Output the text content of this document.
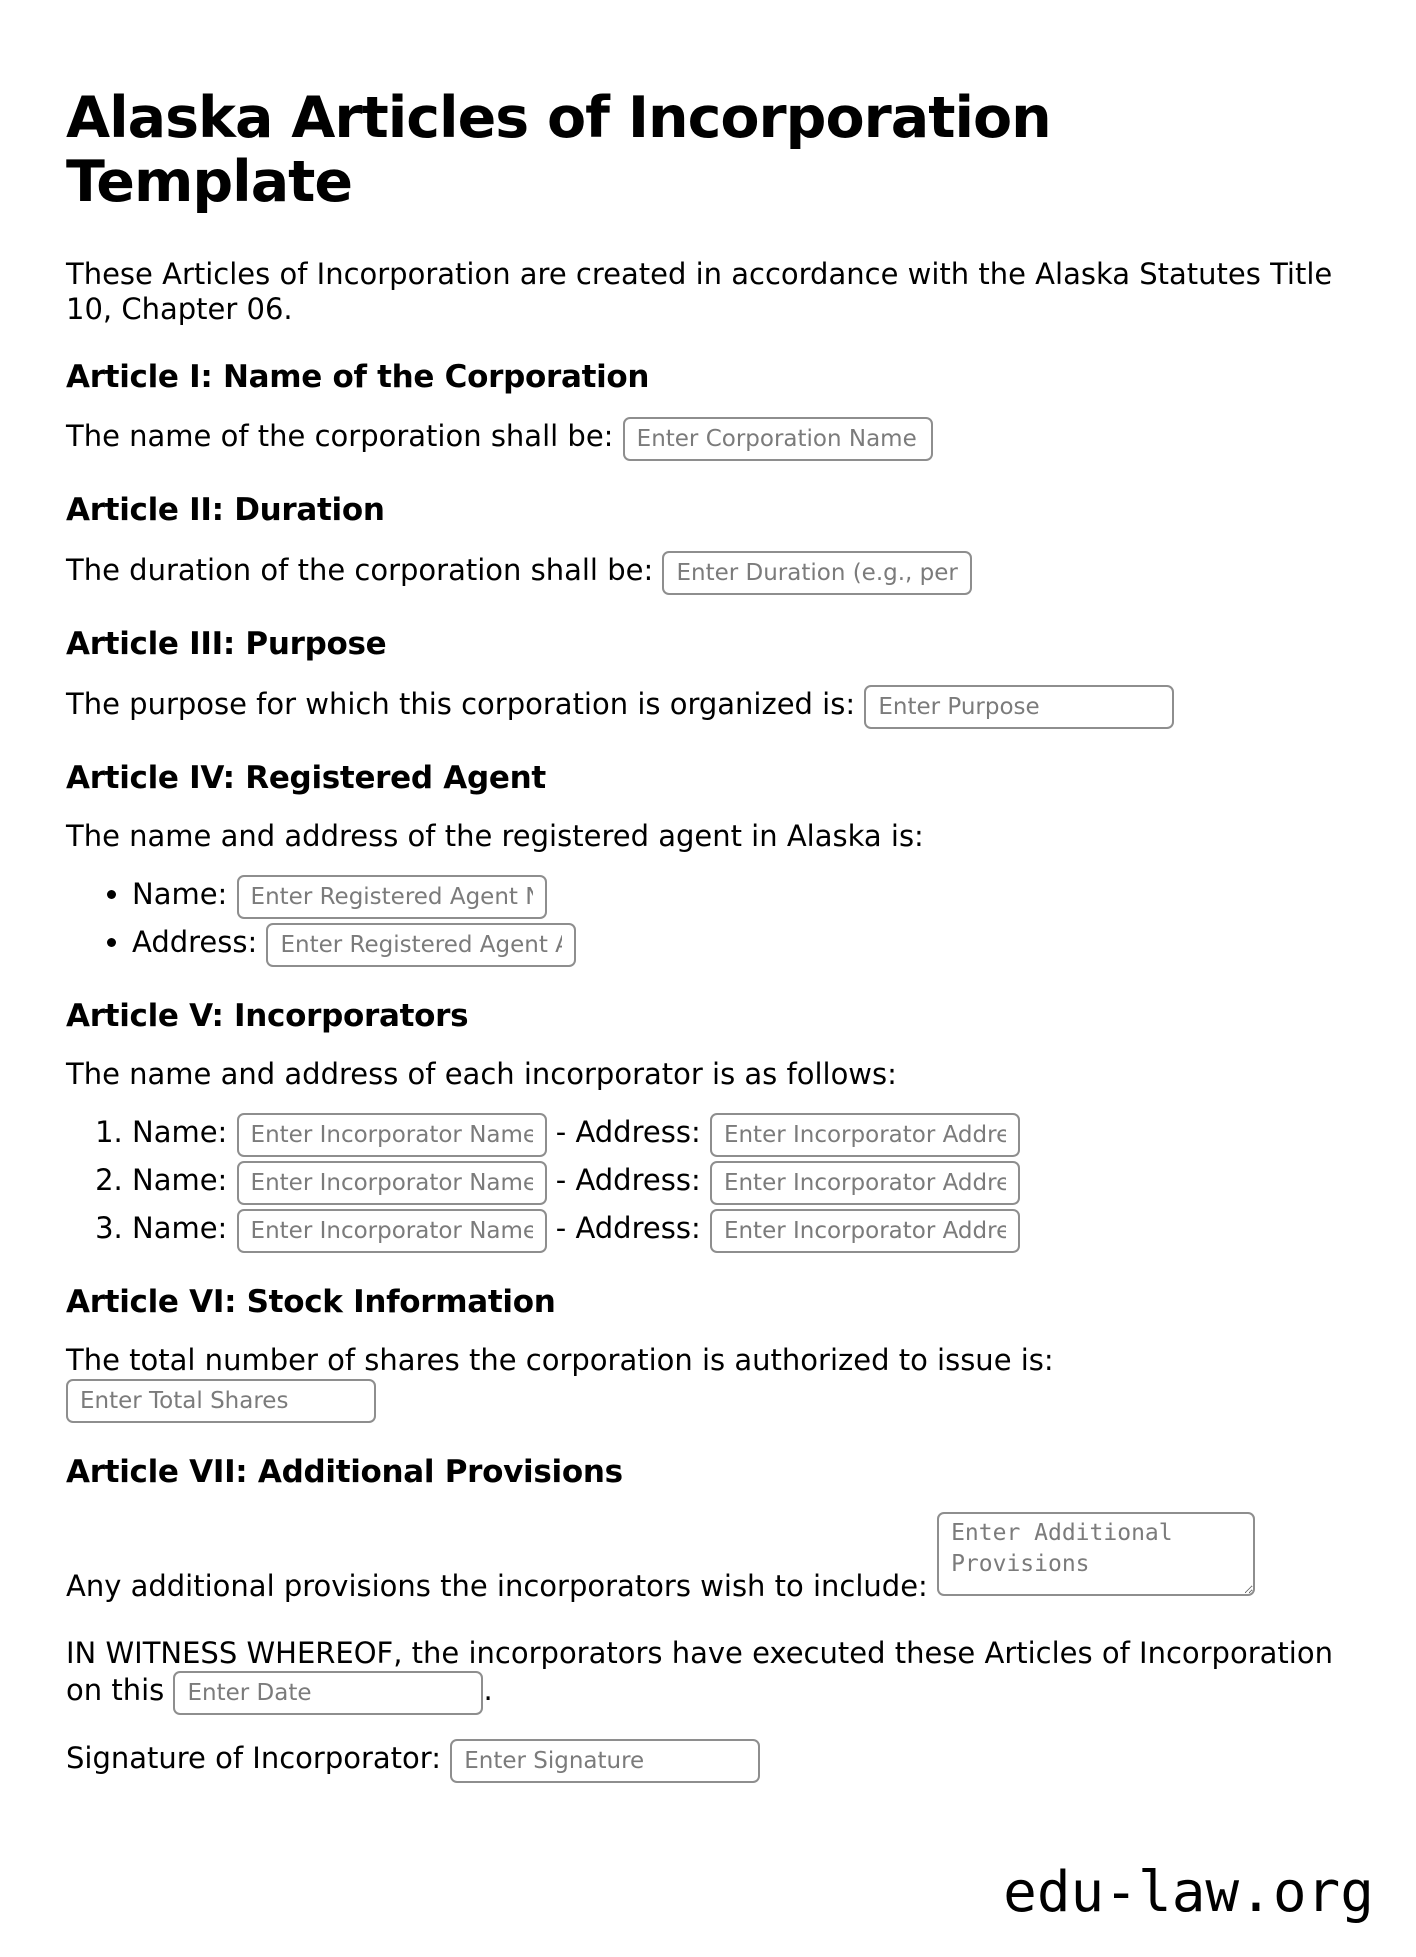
Alaska Articles of Incorporation Template

These Articles of Incorporation are created in accordance with the Alaska Statutes Title 10, Chapter 06.

Article I: Name of the Corporation

The name of the corporation shall be: Enter Corporation Name

Article II: Duration

The duration of the corporation shall be: Enter Duration (e.g., perpetual)

Article III: Purpose

The purpose for which this corporation is organized is: Enter Purpose

Article IV: Registered Agent

The name and address of the registered agent in Alaska is:

• Name: Enter Registered Agent Name
• Address: Enter Registered Agent Address
Article V: Incorporators

The name and address of each incorporator is as follows:

1. Name: Enter Incorporator Name	- Address: Enter Incorporator Address
2. Name: Enter Incorporator Name	- Address: Enter Incorporator Address
3. Name: Enter Incorporator Name	- Address: Enter Incorporator Address
Article VI: Stock Information

The total number of shares the corporation is authorized to issue is: Enter Total Shares

Article VII: Additional Provisions

Any additional provisions the incorporators wish to include: Enter Additional Provisions

IN WITNESS WHEREOF, the incorporators have executed these Articles of Incorporation on this Enter Date	.

Signature of Incorporator: Enter Signature

edu-law.org
